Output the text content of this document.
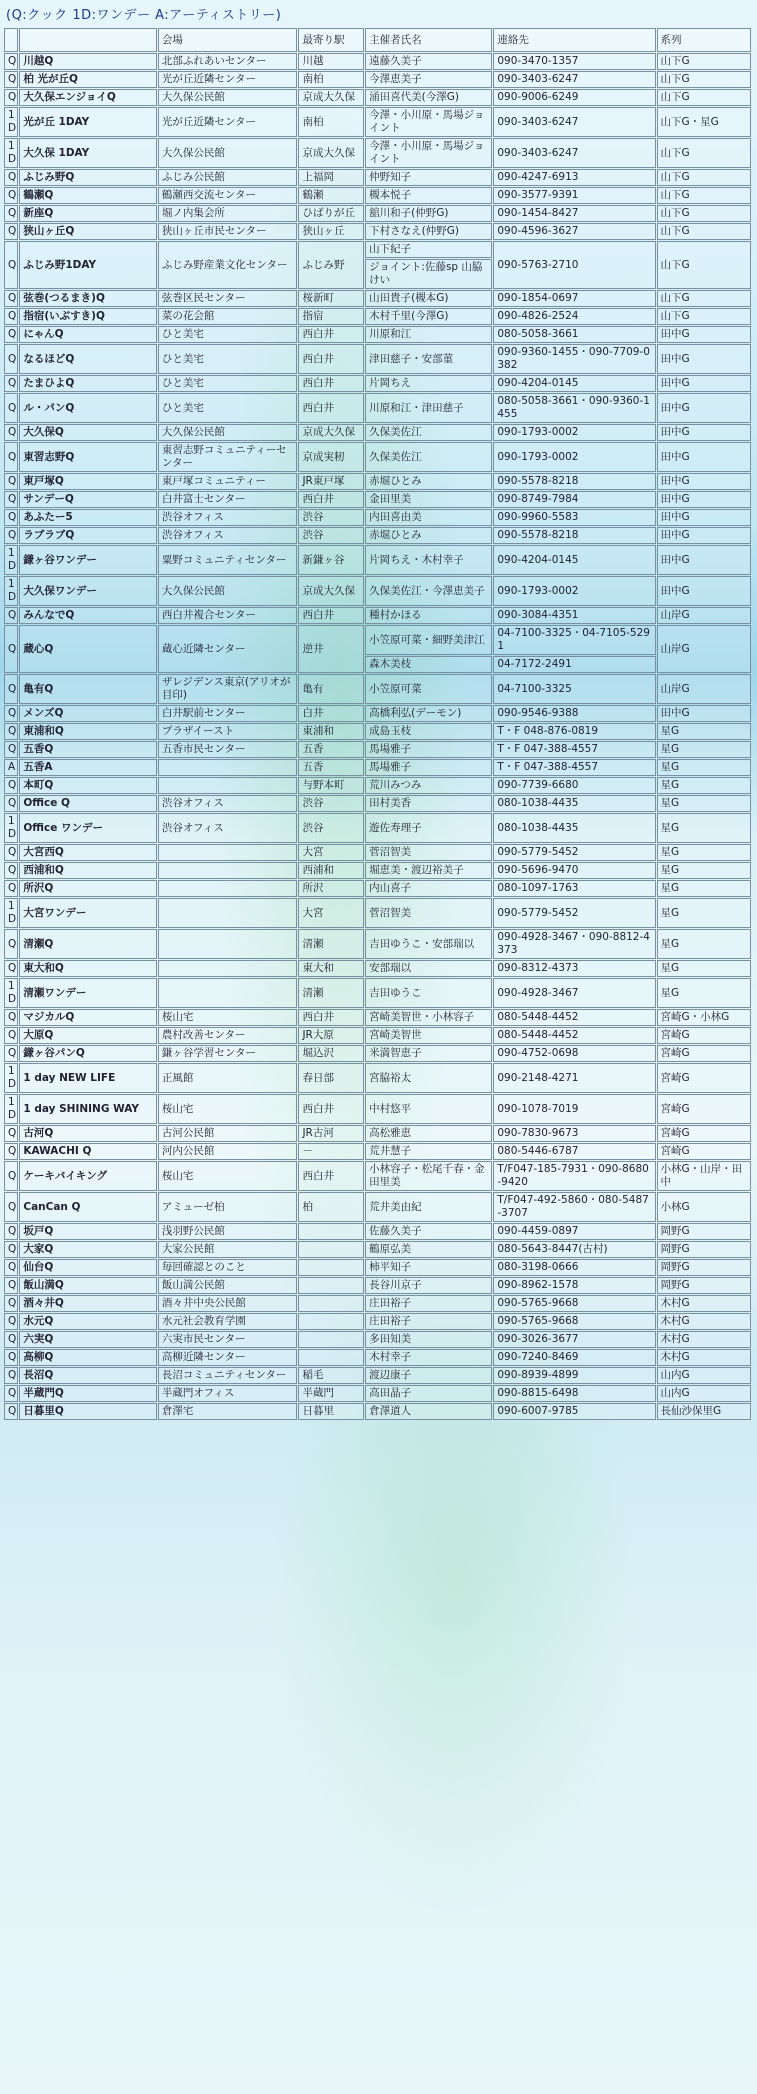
(Q:クック 1D:ワンデー A:アーティストリー)
		会場	最寄り駅	主催者氏名	連絡先	系列
Q	川越Q	北部ふれあいセンター	川越	遠藤久美子	090-3470-1357	山下G
Q	柏 光が丘Q	光が丘近隣センター	南柏	今澤恵美子	090-3403-6247	山下G
Q	大久保エンジョイQ	大久保公民館	京成大久保	涌田喜代美(今澤G)	090-9006-6249	山下G
1D	光が丘 1DAY	光が丘近隣センター	南柏	今澤・小川原・馬場ジョイント	090-3403-6247	山下G・星G
1D	大久保 1DAY	大久保公民館	京成大久保	今澤・小川原・馬場ジョイント	090-3403-6247	山下G
Q	ふじみ野Q	ふじみ公民館	上福岡	仲野知子	090-4247-6913	山下G
Q	鶴瀬Q	鶴瀬西交流センター	鶴瀬	槻本悦子	090-3577-9391	山下G
Q	新座Q	堀ノ内集会所	ひばりが丘	舘川和子(仲野G)	090-1454-8427	山下G
Q	狭山ヶ丘Q	狭山ヶ丘市民センター	狭山ヶ丘	下村さなえ(仲野G)	090-4596-3627	山下G
Q	ふじみ野1DAY	ふじみ野産業文化センター	ふじみ野	山下紀子	090-5763-2710	山下G
				ジョイント:佐藤sp 山脇けい		
Q	弦巻(つるまき)Q	弦巻区民センター	桜新町	山田貴子(槻本G)	090-1854-0697	山下G
Q	指宿(いぶすき)Q	菜の花会館	指宿	木村千里(今澤G)	090-4826-2524	山下G
Q	にゃんQ	ひと美宅	西白井	川原和江	080-5058-3661	田中G
Q	なるほどQ	ひと美宅	西白井	津田慈子・安部菫	090-9360-1455・090-7709-0382	田中G
Q	たまひよQ	ひと美宅	西白井	片岡ちえ	090-4204-0145	田中G
Q	ル・パンQ	ひと美宅	西白井	川原和江・津田慈子	080-5058-3661・090-9360-1455	田中G
Q	大久保Q	大久保公民館	京成大久保	久保美佐江	090-1793-0002	田中G
Q	東習志野Q	東習志野コミュニティーセンター	京成実籾	久保美佐江	090-1793-0002	田中G
Q	東戸塚Q	東戸塚コミュニティー	JR東戸塚	赤堀ひとみ	090-5578-8218	田中G
Q	サンデーQ	白井富士センター	西白井	金田里美	090-8749-7984	田中G
Q	あふたー5	渋谷オフィス	渋谷	内田喜由美	090-9960-5583	田中G
Q	ラブラブQ	渋谷オフィス	渋谷	赤堀ひとみ	090-5578-8218	田中G
1D	鎌ヶ谷ワンデー	粟野コミュニティセンター	新鎌ヶ谷	片岡ちえ・木村幸子	090-4204-0145	田中G
1D	大久保ワンデー	大久保公民館	京成大久保	久保美佐江・今澤恵美子	090-1793-0002	田中G
Q	みんなでQ	西白井複合センター	西白井	種村かほる	090-3084-4351	山岸G
Q	蔵心Q	蔵心近隣センター	逆井	小笠原可菜・細野美津江	04-7100-3325・04-7105-5291	山岸G
				森木美枝	04-7172-2491	
Q	亀有Q	ザレジデンス東京(アリオが目印)	亀有	小笠原可菜	04-7100-3325	山岸G
Q	メンズQ	白井駅前センター	白井	高橋利弘(デーモン)	090-9546-9388	田中G
Q	東浦和Q	プラザイースト	東浦和	成島玉枝	T・F 048-876-0819	星G
Q	五香Q	五香市民センター	五香	馬場雅子	T・F 047-388-4557	星G
A	五香A		五香	馬場雅子	T・F 047-388-4557	星G
Q	本町Q		与野本町	荒川みつみ	090-7739-6680	星G
Q	Office Q	渋谷オフィス	渋谷	田村美香	080-1038-4435	星G
1D	Office ワンデー	渋谷オフィス	渋谷	遊佐寿理子	080-1038-4435	星G
Q	大宮西Q		大宮	菅沼智美	090-5779-5452	星G
Q	西浦和Q		西浦和	堀恵美・渡辺裕美子	090-5696-9470	星G
Q	所沢Q		所沢	内山喜子	080-1097-1763	星G
1D	大宮ワンデー		大宮	菅沼智美	090-5779-5452	星G
Q	清瀬Q		清瀬	吉田ゆうこ・安部瑞以	090-4928-3467・090-8812-4373	星G
Q	東大和Q		東大和	安部瑞以	090-8312-4373	星G
1D	清瀬ワンデー		清瀬	吉田ゆうこ	090-4928-3467	星G
Q	マジカルQ	桜山宅	西白井	宮崎美智世・小林容子	080-5448-4452	宮崎G・小林G
Q	大原Q	農村改善センター	JR大原	宮崎美智世	080-5448-4452	宮崎G
Q	鎌ヶ谷パンQ	鎌ヶ谷学習センター	堀込沢	米満智恵子	090-4752-0698	宮崎G
1D	1 day NEW LIFE	正風館	春日部	宮脇裕太	090-2148-4271	宮崎G
1D	1 day SHINING WAY	桜山宅	西白井	中村悠平	090-1078-7019	宮崎G
Q	古河Q	古河公民館	JR古河	高松雅恵	090-7830-9673	宮崎G
Q	KAWACHI Q	河内公民館	－	荒井慧子	080-5446-6787	宮崎G
Q	ケーキバイキング	桜山宅	西白井	小林容子・松尾千春・金田里美	T/F047-185-7931・090-8680-9420	小林G・山岸・田中
Q	CanCan Q	アミューゼ柏	柏	荒井美由紀	T/F047-492-5860・080-5487-3707	小林G
Q	坂戸Q	浅羽野公民館		佐藤久美子	090-4459-0897	岡野G
Q	大家Q	大家公民館		鶴原弘美	080-5643-8447(古村)	岡野G
Q	仙台Q	毎回確認とのこと		柿平知子	080-3198-0666	岡野G
Q	飯山満Q	飯山満公民館		長谷川京子	090-8962-1578	岡野G
Q	酒々井Q	酒々井中央公民館		庄田裕子	090-5765-9668	木村G
Q	水元Q	水元社会教育学園		庄田裕子	090-5765-9668	木村G
Q	六実Q	六実市民センター		多田知美	090-3026-3677	木村G
Q	高柳Q	高柳近隣センター		木村幸子	090-7240-8469	木村G
Q	長沼Q	長沼コミュニティセンター	稲毛	渡辺康子	090-8939-4899	山内G
Q	半蔵門Q	半蔵門オフィス	半蔵門	高田晶子	090-8815-6498	山内G
Q	日暮里Q	倉澤宅	日暮里	倉澤道人	090-6007-9785	長仙沙保里G
